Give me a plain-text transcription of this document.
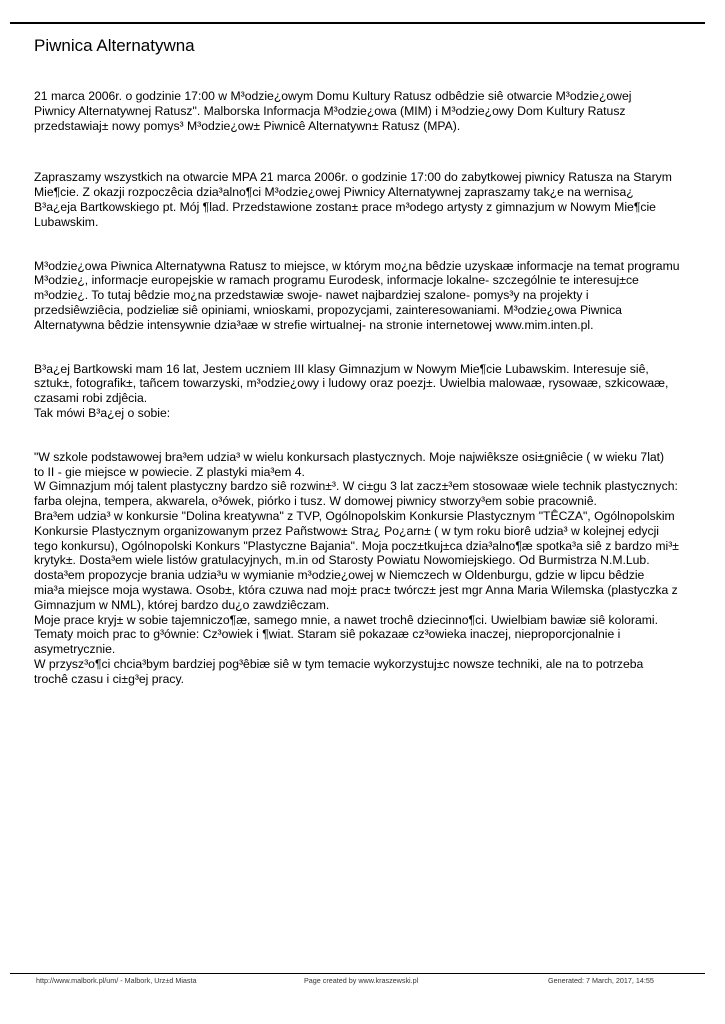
Piwnica Alternatywna
21 marca 2006r. o godzinie 17:00 w M³odzie¿owym Domu Kultury Ratusz odbêdzie siê otwarcie M³odzie¿owej
Piwnicy Alternatywnej Ratusz". Malborska Informacja M³odzie¿owa (MIM) i M³odzie¿owy Dom Kultury Ratusz
przedstawiaj± nowy pomys³ M³odzie¿ow± Piwnicê Alternatywn± Ratusz (MPA).
Zapraszamy wszystkich na otwarcie MPA 21 marca 2006r. o godzinie 17:00 do zabytkowej piwnicy Ratusza na Starym
Mie¶cie. Z okazji rozpoczêcia dzia³alno¶ci M³odzie¿owej Piwnicy Alternatywnej zapraszamy tak¿e na wernisa¿
B³a¿eja Bartkowskiego pt. Mój ¶lad. Przedstawione zostan± prace m³odego artysty z gimnazjum w Nowym Mie¶cie
Lubawskim.
M³odzie¿owa Piwnica Alternatywna Ratusz to miejsce, w którym mo¿na bêdzie uzyskaæ informacje na temat programu
M³odzie¿, informacje europejskie w ramach programu Eurodesk, informacje lokalne- szczególnie te interesuj±ce
m³odzie¿. To tutaj bêdzie mo¿na przedstawiæ swoje- nawet najbardziej szalone- pomys³y na projekty i
przedsiêwziêcia, podzieliæ siê opiniami, wnioskami, propozycjami, zainteresowaniami. M³odzie¿owa Piwnica
Alternatywna bêdzie intensywnie dzia³aæ w strefie wirtualnej- na stronie internetowej www.mim.inten.pl.
B³a¿ej Bartkowski mam 16 lat, Jestem uczniem III klasy Gimnazjum w Nowym Mie¶cie Lubawskim. Interesuje siê,
sztuk±, fotografik±, tañcem towarzyski, m³odzie¿owy i ludowy oraz poezj±. Uwielbia malowaæ, rysowaæ, szkicowaæ,
czasami robi zdjêcia.
Tak mówi B³a¿ej o sobie:
"W szkole podstawowej bra³em udzia³ w wielu konkursach plastycznych. Moje najwiêksze osi±gniêcie ( w wieku 7lat)
to II - gie miejsce w powiecie. Z plastyki mia³em 4.
W Gimnazjum mój talent plastyczny bardzo siê rozwin±³. W ci±gu 3 lat zacz±³em stosowaæ wiele technik plastycznych:
farba olejna, tempera, akwarela, o³ówek, piórko i tusz. W domowej piwnicy stworzy³em sobie pracowniê.
Bra³em udzia³ w konkursie "Dolina kreatywna" z TVP, Ogólnopolskim Konkursie Plastycznym "TÊCZA", Ogólnopolskim
Konkursie Plastycznym organizowanym przez Pañstwow± Stra¿ Po¿arn± ( w tym roku biorê udzia³ w kolejnej edycji
tego konkursu), Ogólnopolski Konkurs "Plastyczne Bajania". Moja pocz±tkuj±ca dzia³alno¶æ spotka³a siê z bardzo mi³±
krytyk±. Dosta³em wiele listów gratulacyjnych, m.in od Starosty Powiatu Nowomiejskiego. Od Burmistrza N.M.Lub.
dosta³em propozycje brania udzia³u w wymianie m³odzie¿owej w Niemczech w Oldenburgu, gdzie w lipcu bêdzie
mia³a miejsce moja wystawa. Osob±, która czuwa nad moj± prac± twórcz± jest mgr Anna Maria Wilemska (plastyczka z
Gimnazjum w NML), której bardzo du¿o zawdziêczam.
Moje prace kryj± w sobie tajemniczo¶æ, samego mnie, a nawet trochê dziecinno¶ci. Uwielbiam bawiæ siê kolorami.
Tematy moich prac to g³ównie: Cz³owiek i ¶wiat. Staram siê pokazaæ cz³owieka inaczej, nieproporcjonalnie i
asymetrycznie.
W przysz³o¶ci chcia³bym bardziej pog³êbiæ siê w tym temacie wykorzystuj±c nowsze techniki, ale na to potrzeba
trochê czasu i ci±g³ej pracy.
http://www.malbork.pl/um/ - Malbork, Urz±d Miasta	Page created by www.kraszewski.pl	Generated: 7 March, 2017, 14:55
